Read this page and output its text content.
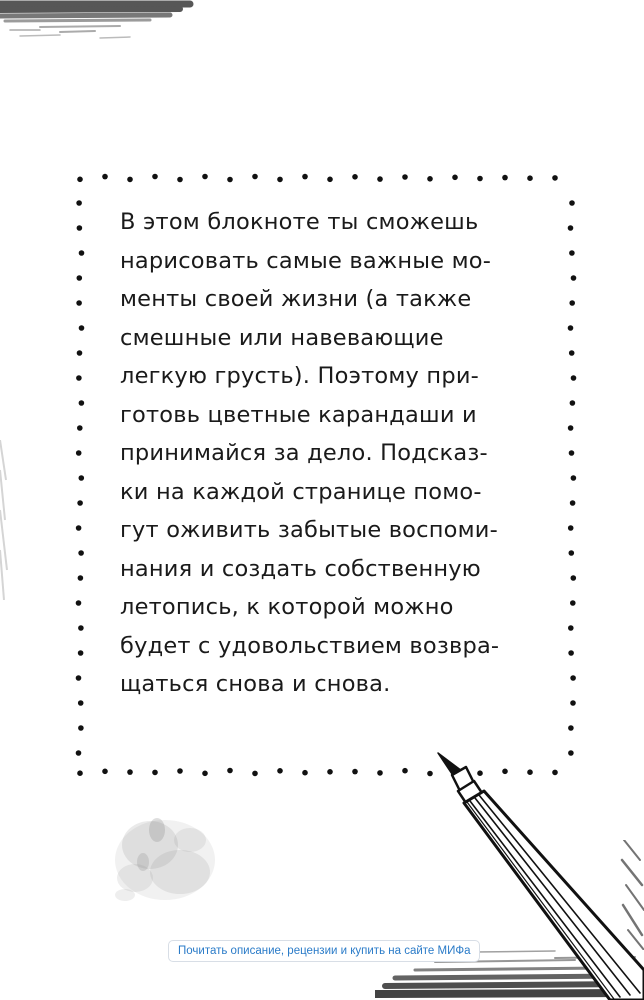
В этом блокноте ты сможешь
нарисовать самые важные мо-
менты своей жизни (а также
смешные или навевающие
легкую грусть). Поэтому при-
готовь цветные карандаши и
принимайся за дело. Подсказ-
ки на каждой странице помо-
гут оживить забытые воспоми-
нания и создать собственную
летопись, к которой можно
будет с удовольствием возвра-
щаться снова и снова.

Почитать описание, рецензии и купить на сайте МИФа
